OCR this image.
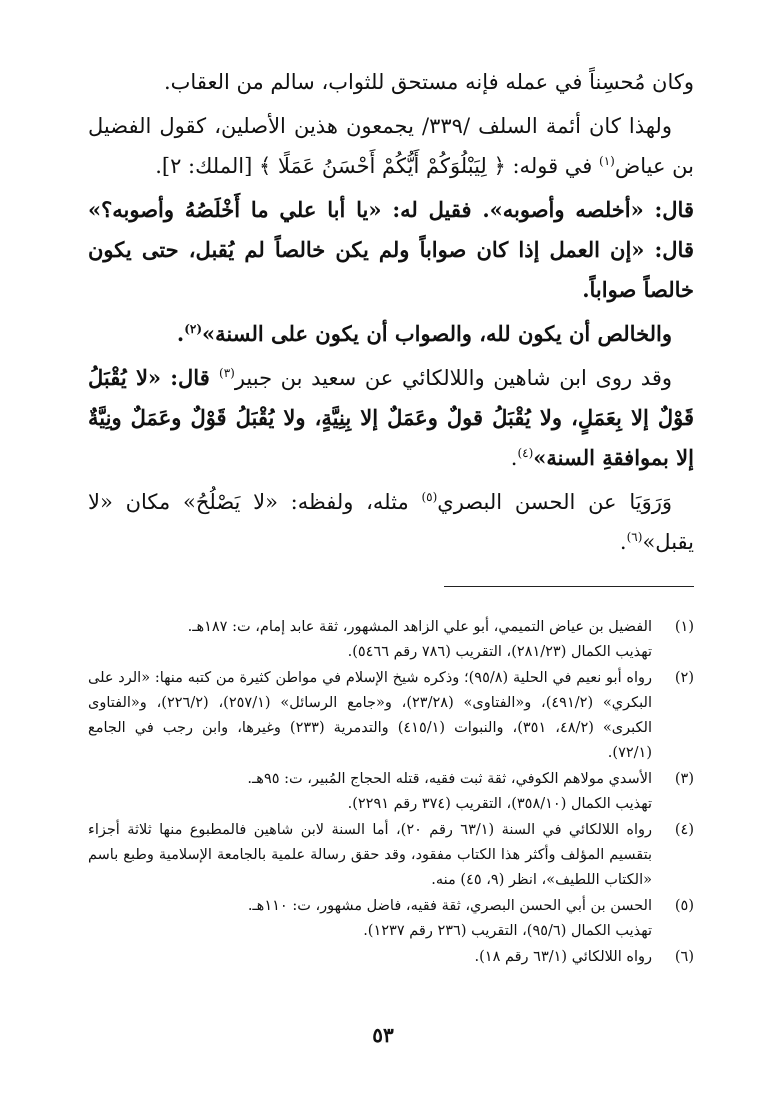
وكان مُحسِناً في عمله فإنه مستحق للثواب، سالم من العقاب.

ولهذا كان أئمة السلف /٣٣٩/ يجمعون هذين الأصلين، كقول الفضيل بن عياض$^{(١)}$ في قوله: ﴿ لِيَبْلُوَكُمْ أَيُّكُمْ أَحْسَنُ عَمَلًا ﴾ [الملك: ٢].

قال: «أخلصه وأصوبه». فقيل له: «يا أبا علي ما أَخْلَصُهُ وأصوبه؟» قال: «إن العمل إذا كان صواباً ولم يكن خالصاً لم يُقبل، حتى يكون خالصاً صواباً.

والخالص أن يكون لله، والصواب أن يكون على السنة»$^{(٢)}$.

وقد روى ابن شاهين واللالكائي عن سعيد بن جبير$^{(٣)}$ قال: «لا يُقْبَلُ قَوْلٌ إلا بِعَمَلٍ، ولا يُقْبَلُ قولٌ وعَمَلٌ إلا بِنِيَّةٍ، ولا يُقْبَلُ قَوْلٌ وعَمَلٌ ونِيَّةٌ إلا بموافقةِ السنة»$^{(٤)}$.

وَرَوَيَا عن الحسن البصري$^{(٥)}$ مثله، ولفظه: «لا يَصْلُحُ» مكان «لا يقبل»$^{(٦)}$.

(١)
الفضيل بن عياض التميمي، أبو علي الزاهد المشهور، ثقة عابد إمام، ت: ١٨٧هـ.
تهذيب الكمال (٢٨١/٢٣)، التقريب (٧٨٦ رقم ٥٤٦٦).
(٢)
رواه أبو نعيم في الحلية (٩٥/٨)؛ وذكره شيخ الإسلام في مواطن كثيرة من كتبه منها: «الرد على البكري» (٤٩١/٢)، و«الفتاوى» (٢٣/٢٨)، و«جامع الرسائل» (٢٥٧/١)، (٢٢٦/٢)، و«الفتاوى الكبرى» (٤٨/٢، ٣٥١)، والنبوات (٤١٥/١) والتدمرية (٢٣٣) وغيرها، وابن رجب في الجامع (٧٢/١).
(٣)
الأسدي مولاهم الكوفي، ثقة ثبت فقيه، قتله الحجاج المُبير، ت: ٩٥هـ.
تهذيب الكمال (٣٥٨/١٠)، التقريب (٣٧٤ رقم ٢٢٩١).
(٤)
رواه اللالكائي في السنة (٦٣/١ رقم ٢٠)، أما السنة لابن شاهين فالمطبوع منها ثلاثة أجزاء بتقسيم المؤلف وأكثر هذا الكتاب مفقود، وقد حقق رسالة علمية بالجامعة الإسلامية وطبع باسم «الكتاب اللطيف»، انظر (٩، ٤٥) منه.
(٥)
الحسن بن أبي الحسن البصري، ثقة فقيه، فاضل مشهور، ت: ١١٠هـ.
تهذيب الكمال (٩٥/٦)، التقريب (٢٣٦ رقم ١٢٣٧).
(٦)
رواه اللالكائي (٦٣/١ رقم ١٨).
٥٣
